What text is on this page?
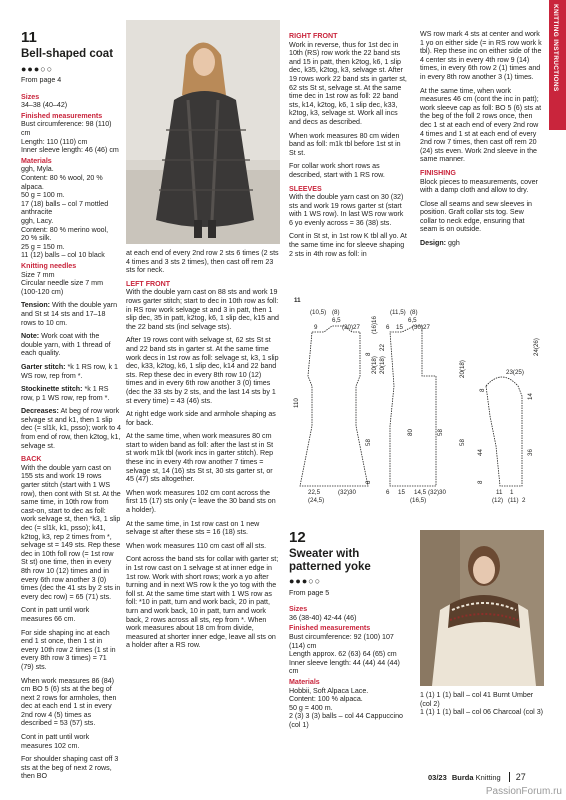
KNITTING INSTRUCTIONS
11
Bell-shaped coat
●●●○○

From page 4

Sizes
34–38 (40–42)
Finished measurements
Bust circumference: 98 (110) cm
Length: 110 (110) cm
Inner sleeve length: 46 (46) cm
Materials
ggh, Myla.
Content: 80 % wool, 20 % alpaca.
50 g = 100 m.
17 (18) balls – col 7 mottled
anthracite
ggh, Lacy.
Content: 80 % merino wool,
20 % silk.
25 g = 150 m.
11 (12) balls – col 10 black
Knitting needles
Size 7 mm
Circular needle size 7 mm
(100-120 cm)

Tension: With the double yarn and St st 14 sts and 17–18 rows to 10 cm.

Note: Work coat with the double yarn, with 1 thread of each quality.

Garter stitch: *k 1 RS row, k 1 WS row, rep from *.

Stockinette stitch: *k 1 RS row, p 1 WS row, rep from *.

Decreases: At beg of row work selvage st and k1, then 1 slip dec (= sl1k, k1, psso); work to 4 from end of row, then k2tog, k1, selvage st.

BACK

With the double yarn cast on 155 sts and work 19 rows garter stitch (start with 1 WS row), then cont with St st. At the same time, in 10th row from cast-on, start to dec as foll: work selvage st, then *k3, 1 slip dec (= sl1k, k1, psso); k41, k2tog, k3, rep 2 times from *, selvage st = 149 sts. Rep these dec in 10th foll row (= 1st row St st) one time, then in every 8th row 10 (12) times and in every 6th row another 3 (0) times (dec the 41 sts by 2 sts in every dec row) = 65 (71) sts.

Cont in patt until work measures 66 cm.

For side shaping inc at each end 1 st once, then 1 st in every 10th row 2 times (1 st in every 8th row 3 times) = 71 (79) sts.

When work measures 86 (84) cm BO 5 (6) sts at the beg of next 2 rows for armholes, then dec at each end 1 st in every 2nd row 4 (5) times as described = 53 (57) sts.

Cont in patt until work measures 102 cm.

For shoulder shaping cast off 3 sts at the beg of next 2 rows, then BO

at each end of every 2nd row 2 sts 6 times (2 sts 4 times and 3 sts 2 times), then cast off rem 23 sts for neck.

LEFT FRONT

With the double yarn cast on 88 sts and work 19 rows garter stitch; start to dec in 10th row as foll: in RS row work selvage st and 3 in patt, then 1 slip dec, 35 in patt, k2tog, k6, 1 slip dec, k15 and the 22 band sts (incl selvage sts).

After 19 rows cont with selvage st, 62 sts St st and 22 band sts in garter st. At the same time work decs in 1st row as foll: selvage st, k3, 1 slip dec, k33, k2tog, k6, 1 slip dec, k14 and 22 band sts. Rep these dec in every 8th row 10 (12) times and in every 6th row another 3 (0) times (dec the 33 sts by 2 sts, and the last 14 sts by 1 st every time) = 43 (46) sts.

At right edge work side and armhole shaping as for back.

At the same time, when work measures 80 cm start to widen band as foll: after the last st in St st work m1k tbl (work incs in garter stitch). Rep these inc in every 4th row another 7 times = selvage st, 14 (16) sts St st, 30 sts garter st, or 45 (47) sts altogether.

When work measures 102 cm cont across the first 15 (17) sts only (= leave the 30 band sts on a holder).

At the same time, in 1st row cast on 1 new selvage st after these sts = 16 (18) sts.

When work measures 110 cm cast off all sts.

Cont across the band sts for collar with garter st; in 1st row cast on 1 selvage st at inner edge in 1st row. Work with short rows; work a yo after turning and in next WS row k the yo tog with the foll st. At the same time start with 1 WS row as foll: *10 in patt, turn and work back, 20 in patt, turn and work back, 10 in patt, turn and work back, 2 rows across all sts, rep from *. When work measures about 18 cm from divide, measured at shorter inner edge, leave all sts on a holder after a RS row.

RIGHT FRONT

Work in reverse, thus for 1st dec in 10th (RS) row work the 22 band sts and 15 in patt, then k2tog, k6, 1 slip dec, k35, k2tog, k3, selvage st. After 19 rows work 22 band sts in garter st, 62 sts St st, selvage st. At the same time dec in 1st row as foll: 22 band sts, k14, k2tog, k6, 1 slip dec, k33, k2tog, k3, selvage st. Work all incs and decs as described.

When work measures 80 cm widen band as foll: m1k tbl before 1st st in St st.

For collar work short rows as described, start with 1 RS row.

SLEEVES

With the double yarn cast on 30 (32) sts and work 19 rows garter st (start with 1 WS row). In last WS row work 6 yo evenly across = 36 (38) sts.

Cont in St st, in 1st row K tbl all yo. At the same time inc for sleeve shaping 2 sts in 4th row as foll: in

WS row mark 4 sts at center and work 1 yo on either side (= in RS row work k tbl). Rep these inc on either side of the 4 center sts in every 4th row 9 (14) times, in every 6th row 2 (1) times and in every 8th row another 3 (1) times.

At the same time, when work measures 46 cm (cont the inc in patt); work sleeve cap as foll: BO 5 (6) sts at the beg of the foll 2 rows once, then dec 1 st at each end of every 2nd row 4 times and 1 st at each end of every 2nd row 7 times, then cast off rem 20 (24) sts even. Work 2nd sleeve in the same manner.

FINISHING

Block pieces to measurements, cover with a damp cloth and allow to dry.

Close all seams and sew sleeves in position. Graft collar sts tog. Sew collar to neck edge, ensuring that seam is on outside.

Design: ggh

11
(10,5)
9
(8)
6,5
(30)27
110
58
8
8
20(18)
(16)16
22,5
(24,5)
(32)30
(11,5)
6 15
(8)
6,5
(30)27
20(18)
22
80	58
6 15 14,5
(16,5)
(32)30
24(26)
23(25)
20(18)
8
58
44
14
36
8
11 1
(12) (11) 2
12
Sweater with patterned yoke
●●●○○

From page 5

Sizes
36 (38-40) 42-44 (46)
Finished measurements
Bust circumference: 92 (100) 107 (114) cm
Length approx. 62 (63) 64 (65) cm
Inner sleeve length: 44 (44) 44 (44) cm
Materials
Hobbii, Soft Alpaca Lace.
Content: 100 % alpaca.
50 g = 400 m.
2 (3) 3 (3) balls – col 44 Cappuccino (col 1)
1 (1) 1 (1) ball – col 41 Burnt Umber (col 2)
1 (1) 1 (1) ball – col 06 Charcoal (col 3)
03/23 Burda Knitting 27
PassionForum.ru
